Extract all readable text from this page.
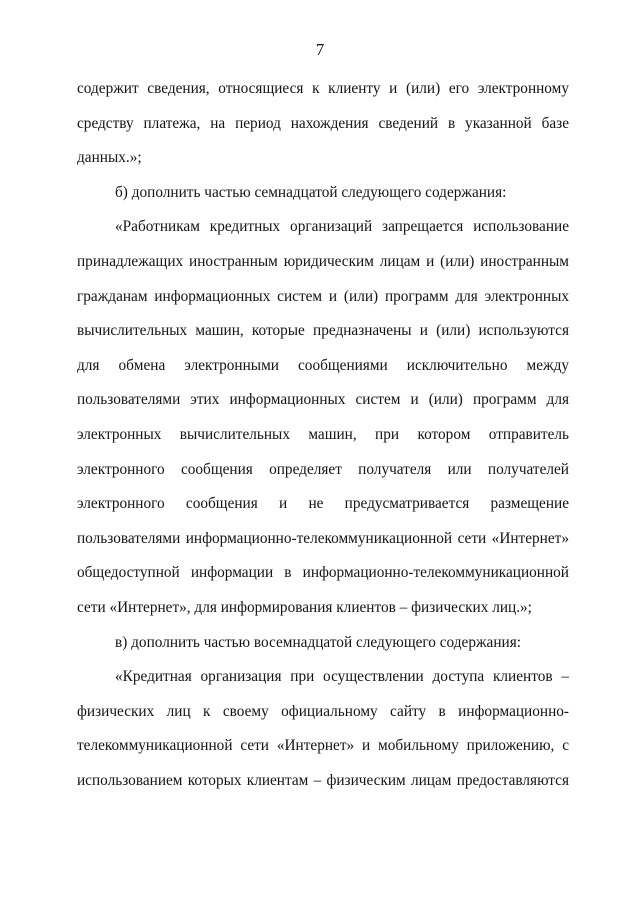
7

содержит сведения, относящиеся к клиенту и (или) его электронному средству платежа, на период нахождения сведений в указанной базе данных.»;

б) дополнить частью семнадцатой следующего содержания:

«Работникам кредитных организаций запрещается использование принадлежащих иностранным юридическим лицам и (или) иностранным гражданам информационных систем и (или) программ для электронных вычислительных машин, которые предназначены и (или) используются для обмена электронными сообщениями исключительно между пользователями этих информационных систем и (или) программ для электронных вычислительных машин, при котором отправитель электронного сообщения определяет получателя или получателей электронного сообщения и не предусматривается размещение пользователями информационно-телекоммуникационной сети «Интернет» общедоступной информации в информационно-телекоммуникационной сети «Интернет», для информирования клиентов – физических лиц.»;

в) дополнить частью восемнадцатой следующего содержания:

«Кредитная организация при осуществлении доступа клиентов – физических лиц к своему официальному сайту в информационно-телекоммуникационной сети «Интернет» и мобильному приложению, с использованием которых клиентам – физическим лицам предоставляются
